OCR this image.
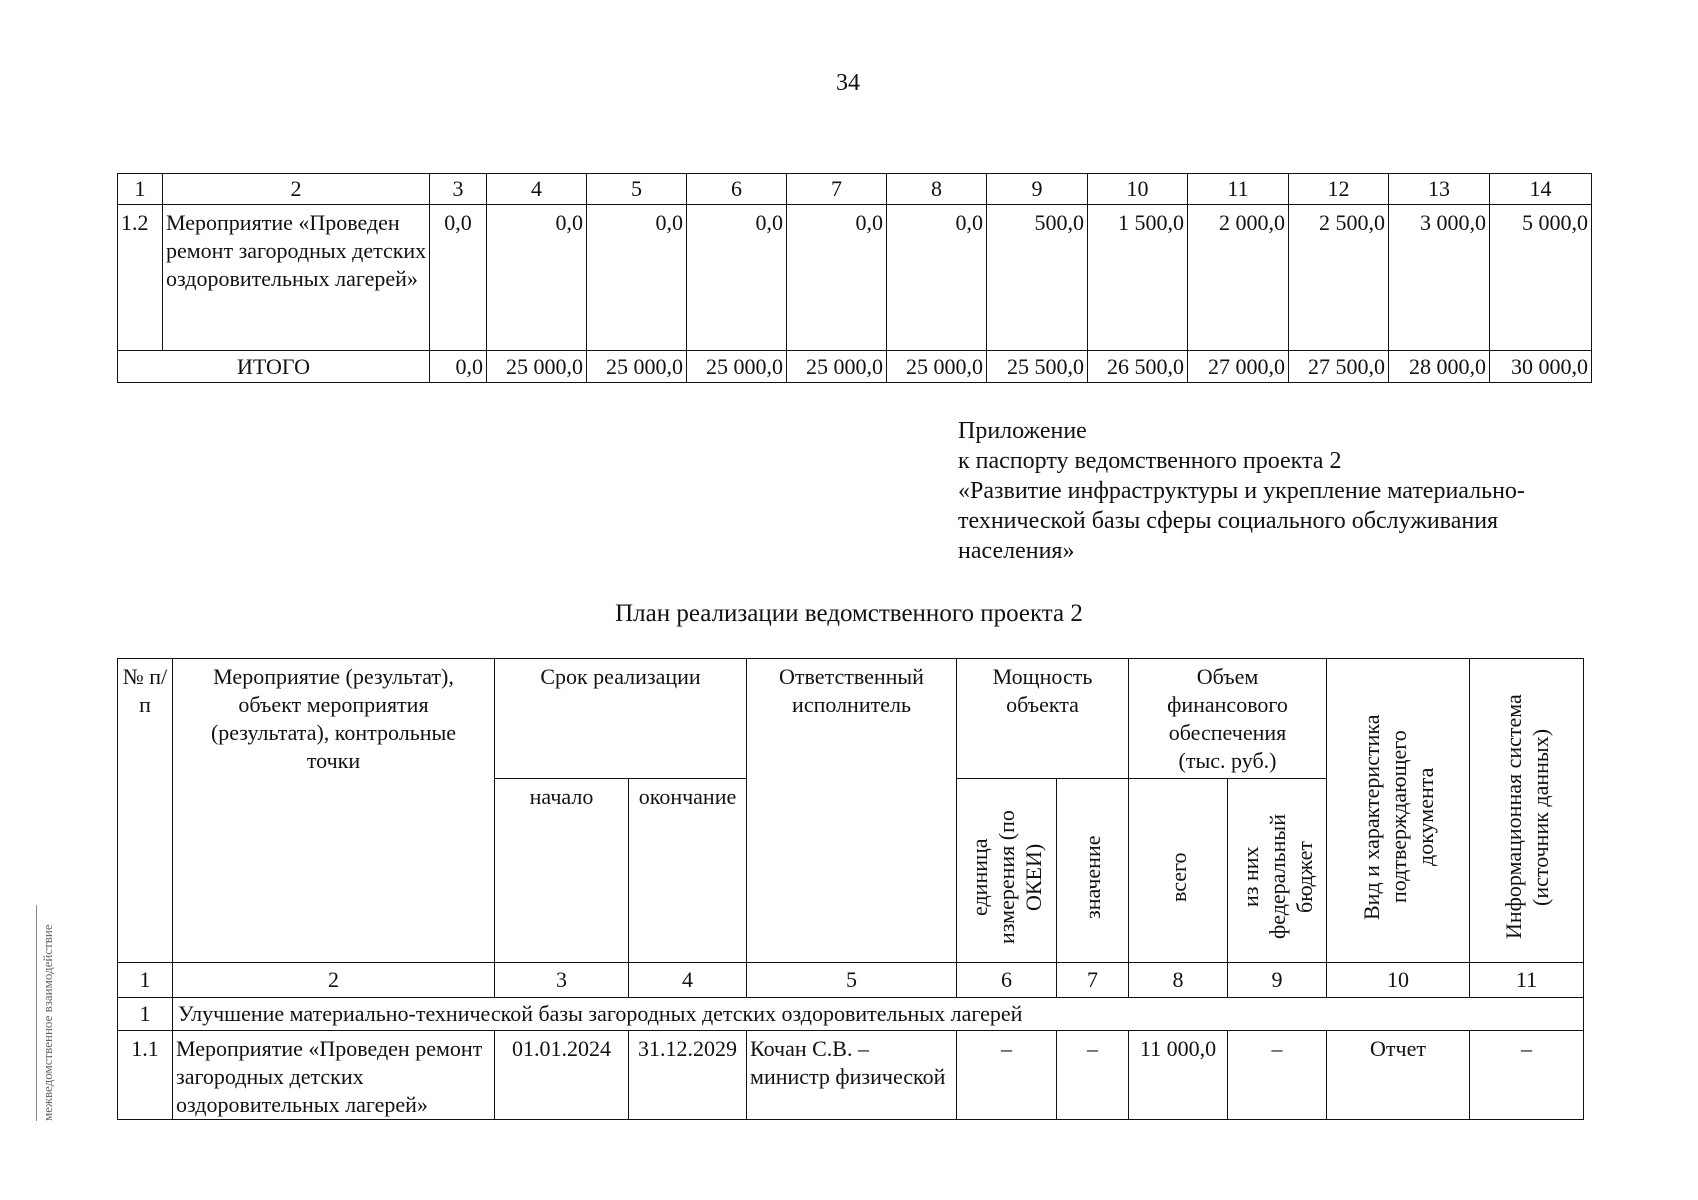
34
1	2	3	4	5	6	7	8	9	10	11	12	13	14
1.2	Мероприятие «Проведен ремонт загородных детских оздоровительных лагерей»	0,0	0,0	0,0	0,0	0,0	0,0	500,0	1 500,0	2 000,0	2 500,0	3 000,0	5 000,0
ИТОГО		0,0	25 000,0	25 000,0	25 000,0	25 000,0	25 000,0	25 500,0	26 500,0	27 000,0	27 500,0	28 000,0	30 000,0
Приложение
к паспорту ведомственного проекта 2
«Развитие инфраструктуры и укрепление материально-
технической базы сферы социального обслуживания
населения»
План реализации ведомственного проекта 2
№ п/п	Мероприятие (результат), объект мероприятия (результата), контрольные точки	Срок реализации		Ответственный исполнитель	Мощность объекта		Объем финансового обеспечения (тыс. руб.)		Вид и характеристика подтверждающего документа	Информационная система (источник данных)
		начало	окончание		единица измерения (по ОКЕИ)	значение	всего	из них федеральный бюджет		
1	2	3	4	5	6	7	8	9	10	11
1	Улучшение материально-технической базы загородных детских оздоровительных лагерей									
1.1	Мероприятие «Проведен ремонт загородных детских оздоровительных лагерей»	01.01.2024	31.12.2029	Кочан С.В. – министр физической	–	–	11 000,0	–	Отчет	–
межведомственное взаимодействие
